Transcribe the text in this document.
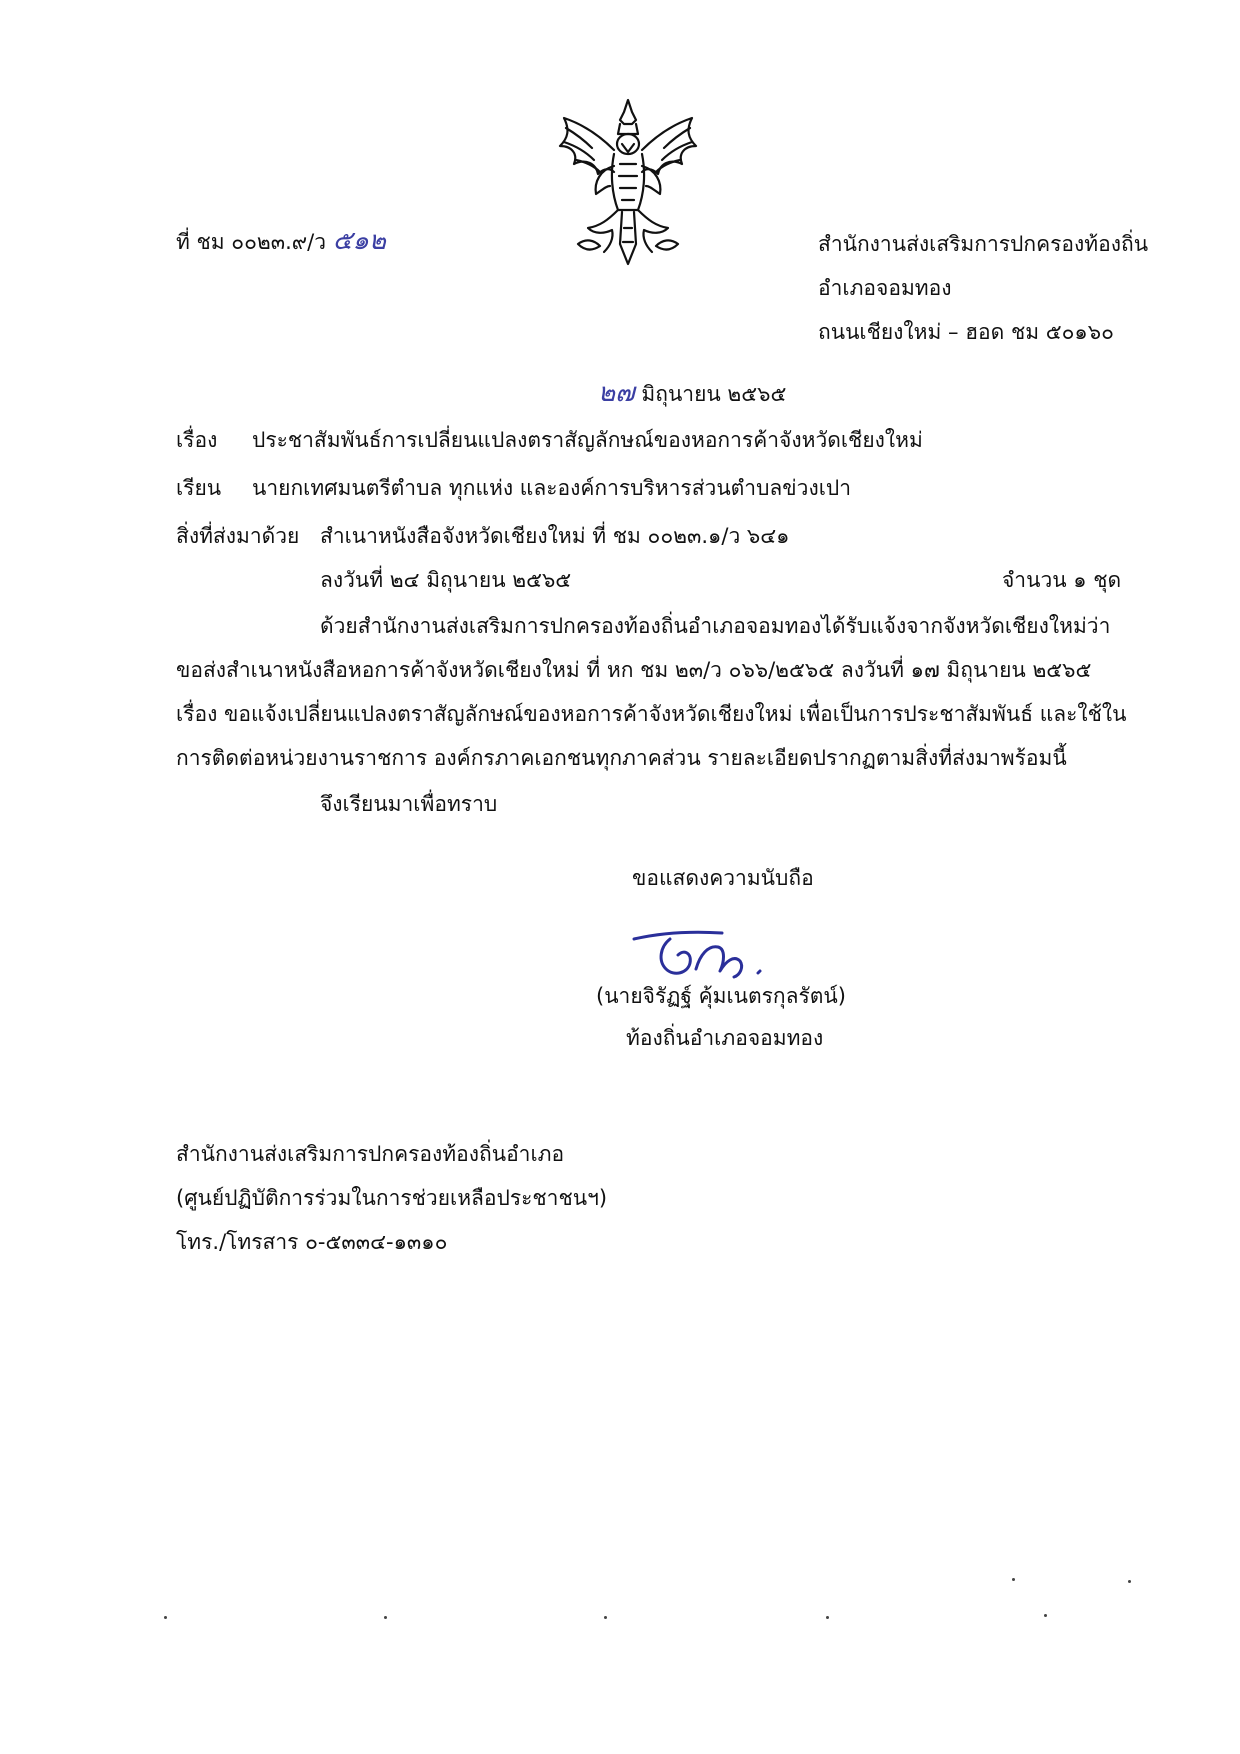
ที่ ชม ๐๐๒๓.๙/ว ๕๑๒	สำนักงานส่งเสริมการปกครองท้องถิ่น
อำเภอจอมทอง
ถนนเชียงใหม่ – ฮอด ชม ๕๐๑๖๐
๒๗ มิถุนายน ๒๕๖๕
เรื่อง ประชาสัมพันธ์การเปลี่ยนแปลงตราสัญลักษณ์ของหอการค้าจังหวัดเชียงใหม่
เรียน นายกเทศมนตรีตำบล ทุกแห่ง และองค์การบริหารส่วนตำบลข่วงเปา
สิ่งที่ส่งมาด้วย สำเนาหนังสือจังหวัดเชียงใหม่ ที่ ชม ๐๐๒๓.๑/ว ๖๔๑
ลงวันที่ ๒๔ มิถุนายน ๒๕๖๕	จำนวน ๑ ชุด
ด้วยสำนักงานส่งเสริมการปกครองท้องถิ่นอำเภอจอมทองได้รับแจ้งจากจังหวัดเชียงใหม่ว่า
ขอส่งสำเนาหนังสือหอการค้าจังหวัดเชียงใหม่ ที่ หก ชม ๒๓/ว ๐๖๖/๒๕๖๕ ลงวันที่ ๑๗ มิถุนายน ๒๕๖๕
เรื่อง ขอแจ้งเปลี่ยนแปลงตราสัญลักษณ์ของหอการค้าจังหวัดเชียงใหม่ เพื่อเป็นการประชาสัมพันธ์ และใช้ใน
การติดต่อหน่วยงานราชการ องค์กรภาคเอกชนทุกภาคส่วน รายละเอียดปรากฏตามสิ่งที่ส่งมาพร้อมนี้
จึงเรียนมาเพื่อทราบ
ขอแสดงความนับถือ
(นายจิรัฏฐ์ คุ้มเนตรกุลรัตน์)
ท้องถิ่นอำเภอจอมทอง
สำนักงานส่งเสริมการปกครองท้องถิ่นอำเภอ
(ศูนย์ปฏิบัติการร่วมในการช่วยเหลือประชาชนฯ)
โทร./โทรสาร ๐-๕๓๓๔-๑๓๑๐
